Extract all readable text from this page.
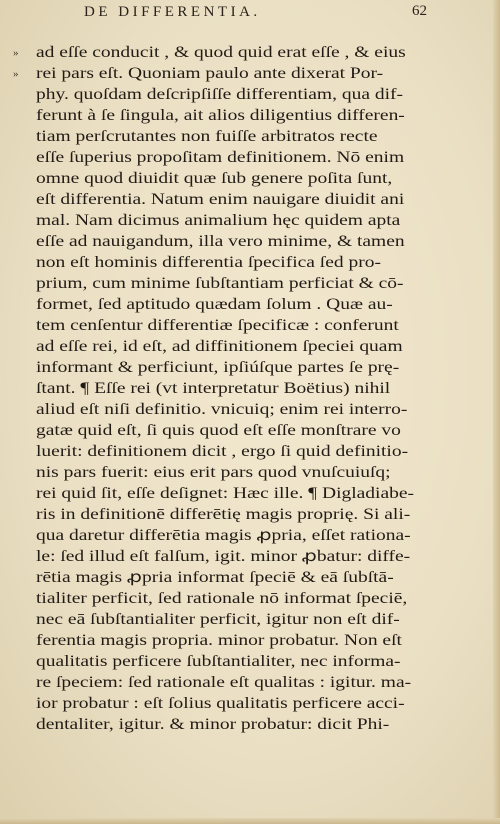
DE DIFFERENTIA.	62
»
»
ad eſſe conducit , & quod quid erat eſſe , & eius
rei pars eſt. Quoniam paulo ante dixerat Por-
phy. quoſdam deſcripſiſſe differentiam, qua dif-
ferunt à ſe ſingula, ait alios diligentius differen-
tiam perſcrutantes non fuiſſe arbitratos recte
eſſe ſuperius propoſitam definitionem. Nō enim
omne quod diuidit quæ ſub genere poſita ſunt,
eſt differentia. Natum enim nauigare diuidit ani
mal. Nam dicimus animalium hęc quidem apta
eſſe ad nauigandum, illa vero minime, & tamen
non eſt hominis differentia ſpecifica ſed pro-
prium, cum minime ſubſtantiam perficiat & cō-
formet, ſed aptitudo quædam ſolum . Quæ au-
tem cenſentur differentiæ ſpecificæ : conferunt
ad eſſe rei, id eſt, ad diffinitionem ſpeciei quam
informant & perficiunt, ipſiúſque partes ſe prę-
ſtant. ¶ Eſſe rei (vt interpretatur Boëtius) nihil
aliud eſt niſi definitio. vnicuiq; enim rei interro-
gatæ quid eſt, ſi quis quod eſt eſſe monſtrare vo
luerit: definitionem dicit , ergo ſi quid definitio-
nis pars fuerit: eius erit pars quod vnuſcuiuſq;
rei quid ſit, eſſe deſignet: Hæc ille. ¶ Digladiabe-
ris in definitionē differētię magis proprię. Si ali-
qua daretur differētia magis ꝓpria, eſſet rationa-
le: ſed illud eſt falſum, igit. minor ꝓbatur: diffe-
rētia magis ꝓpria informat ſpeciē & eā ſubſtā-
tialiter perficit, ſed rationale nō informat ſpeciē,
nec eā ſubſtantialiter perficit, igitur non eſt dif-
ferentia magis propria. minor probatur. Non eſt
qualitatis perficere ſubſtantialiter, nec informa-
re ſpeciem: ſed rationale eſt qualitas : igitur. ma-
ior probatur : eſt ſolius qualitatis perficere acci-
dentaliter, igitur. & minor probatur: dicit Phi-
